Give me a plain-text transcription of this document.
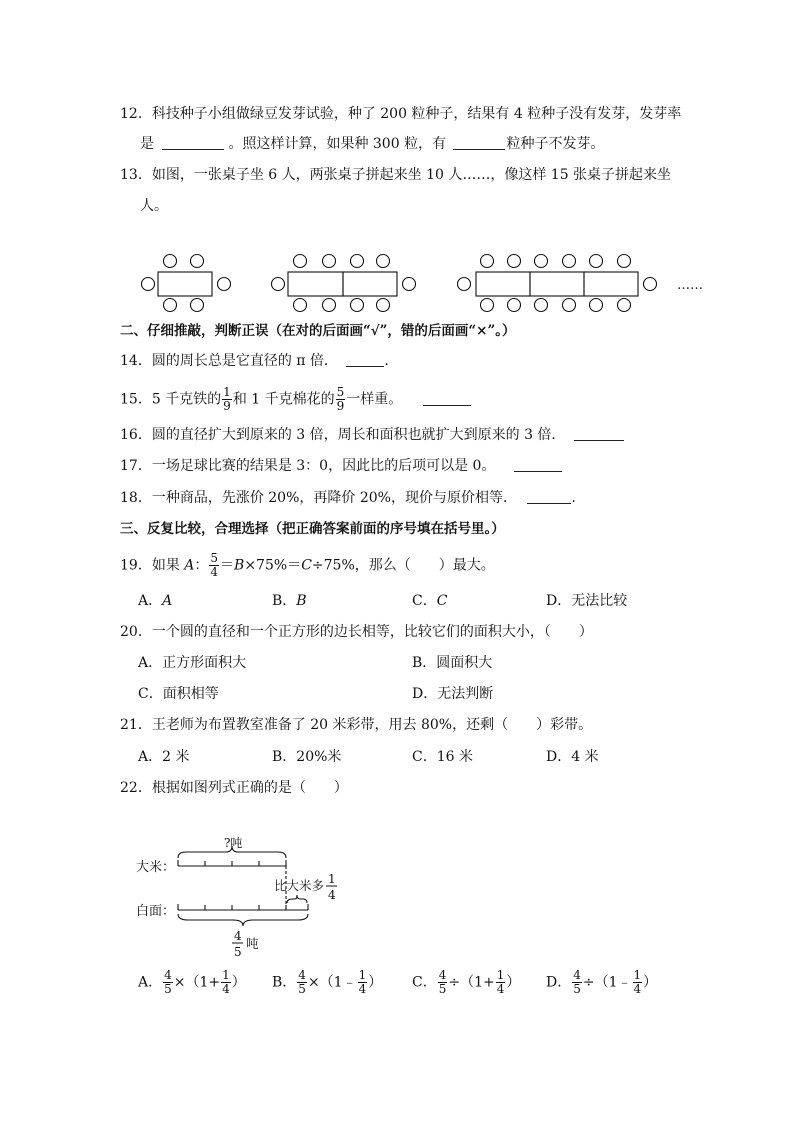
12．科技种子小组做绿豆发芽试验，种了 200 粒种子，结果有 4 粒种子没有发芽，发芽率
是	。照这样计算，如果种 300 粒，有	粒种子不发芽。
13．如图，一张桌子坐 6 人，两张桌子拼起来坐 10 人……，像这样 15 张桌子拼起来坐
人。
……
二、仔细推敲，判断正误（在对的后面画“√”，错的后面画“×”。）
14．圆的周长总是它直径的 π 倍．	.
15．5 千克铁的 $\frac{1}{9}$ 和 1 千克棉花的 $\frac{5}{9}$ 一样重。
16．圆的直径扩大到原来的 3 倍，周长和面积也就扩大到原来的 3 倍．
17．一场足球比赛的结果是 3：0，因此比的后项可以是 0。
18．一种商品，先涨价 20%，再降价 20%，现价与原价相等．	.
三、反复比较，合理选择（把正确答案前面的序号填在括号里。）
19．如果 A： $\frac{5}{4} =B\times 75\%=C\div 75\%$，那么（　　）最大。
A．A	B．B	C．C	D．无法比较
20．一个圆的直径和一个正方形的边长相等，比较它们的面积大小，（　　）
A．正方形面积大	B．圆面积大
C．面积相等	D．无法判断
21．王老师为布置教室准备了 20 米彩带，用去 80%，还剩（　　）彩带。
A．2 米	B．20%米	C．16 米	D．4 米
22．根据如图列式正确的是（　　）
大米：
白面：
?吨
比大米多 1
4
4
5
吨
A． $\frac{4}{5} \times(1+ \frac{1}{4}$ ） B． $\frac{4}{5}$ ×（1﹣ $\frac{1}{4}$ ） C． $\frac{4}{5} \div(1+ \frac{1}{4}$ ） D． $\frac{4}{5}$ ÷（1﹣ $\frac{1}{4}$ ）
